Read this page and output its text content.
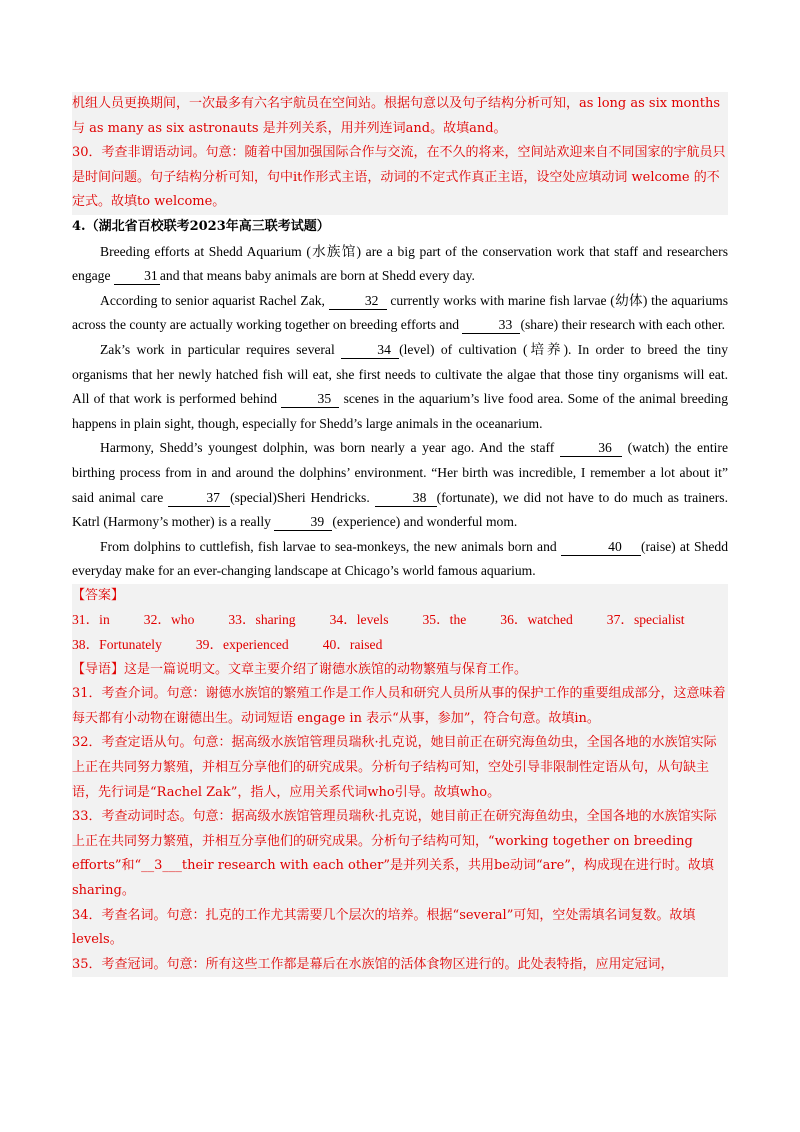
机组人员更换期间，一次最多有六名宇航员在空间站。根据句意以及句子结构分析可知，as long as six months 与 as many as six astronauts 是并列关系，用并列连词and。故填and。

30．考查非谓语动词。句意：随着中国加强国际合作与交流，在不久的将来，空间站欢迎来自不同国家的宇航员只是时间问题。句子结构分析可知，句中it作形式主语，动词的不定式作真正主语，设空处应填动词 welcome 的不定式。故填to welcome。

4.（湖北省百校联考2023年高三联考试题）

Breeding efforts at Shedd Aquarium (水族馆) are a big part of the conservation work that staff and researchers engage 31 and that means baby animals are born at Shedd every day.

According to senior aquarist Rachel Zak,	32 currently works with marine fish larvae (幼体) the aquariums across the county are actually working together on breeding efforts and	33 (share) their research with each other.

Zak’s work in particular requires several	34 (level) of cultivation (培养). In order to breed the tiny organisms that her newly hatched fish will eat, she first needs to cultivate the algae that those tiny organisms will eat. All of that work is performed behind	35 scenes in the aquarium’s live food area. Some of the animal breeding happens in plain sight, though, especially for Shedd’s large animals in the oceanarium.

Harmony, Shedd’s youngest dolphin, was born nearly a year ago. And the staff	36 (watch) the entire birthing process from in and around the dolphins’ environment. “Her birth was incredible, I remember a lot about it” said animal care	37 (special)Sheri Hendricks.	38 (fortunate), we did not have to do much as trainers. Katrl (Harmony’s mother) is a really	39 (experience) and wonderful mom.

From dolphins to cuttlefish, fish larvae to sea-monkeys, the new animals born and	40 (raise) at Shedd everyday make for an ever-changing landscape at Chicago’s world famous aquarium.

【答案】

31．in	32．who	33．sharing	34．levels	35．the	36．watched	37．specialist
38．Fortunately	39．experienced	40．raised

【导语】这是一篇说明文。文章主要介绍了谢德水族馆的动物繁殖与保育工作。

31．考查介词。句意：谢德水族馆的繁殖工作是工作人员和研究人员所从事的保护工作的重要组成部分，这意味着每天都有小动物在谢德出生。动词短语 engage in 表示“从事，参加”，符合句意。故填in。

32．考查定语从句。句意：据高级水族馆管理员瑞秋·扎克说，她目前正在研究海鱼幼虫，全国各地的水族馆实际上正在共同努力繁殖，并相互分享他们的研究成果。分析句子结构可知，空处引导非限制性定语从句，从句缺主语，先行词是“Rachel Zak”，指人，应用关系代词who引导。故填who。

33．考查动词时态。句意：据高级水族馆管理员瑞秋·扎克说，她目前正在研究海鱼幼虫，全国各地的水族馆实际上正在共同努力繁殖，并相互分享他们的研究成果。分析句子结构可知，“working together on breeding efforts”和“__3___their research with each other”是并列关系，共用be动词“are”，构成现在进行时。故填sharing。

34．考查名词。句意：扎克的工作尤其需要几个层次的培养。根据“several”可知，空处需填名词复数。故填levels。

35．考查冠词。句意：所有这些工作都是幕后在水族馆的活体食物区进行的。此处表特指，应用定冠词，
